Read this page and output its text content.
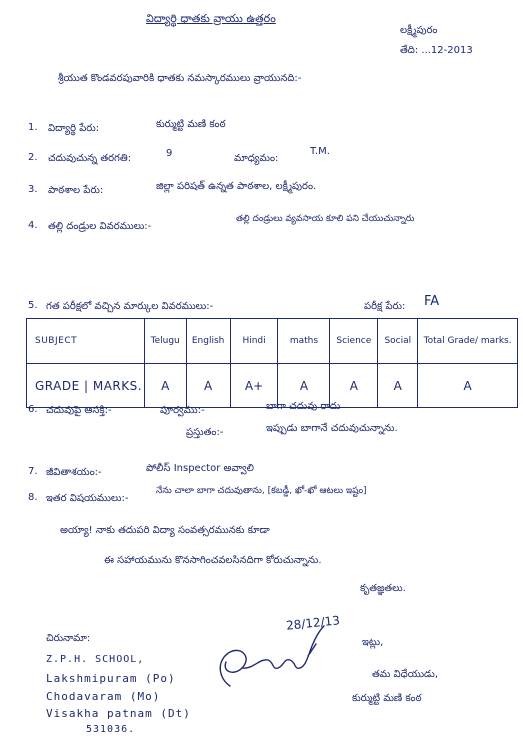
విద్యార్థి ధాతకు వ్రాయు ఉత్తరం
లక్ష్మీపురం
తేది: ...12-2013
శ్రీయుత కొండవరపువారికి ధాతకు నమస్కారములు వ్రాయునది:-
1. విద్యార్థి పేరు:	కుర్ముట్టి మణి కంఠ
2. చదువుచున్న తరగతి:	9	మాధ్యమం:
T.M.
3. పాఠశాల పేరు:	జిల్లా పరిషత్ ఉన్నత పాఠశాల, లక్ష్మీపురం.
4. తల్లి దండ్రుల వివరములు:-
తల్లి దండ్రులు వ్యవసాయ కూలి పని చేయుచున్నారు
5. గత పరీక్షలో వచ్చిన మార్కుల వివరములు:-	పరీక్ష పేరు: FA
SUBJECT	Telugu	English	Hindi	maths	Science	Social	Total Grade/ marks.
GRADE | MARKS.	A	A	A+	A	A	A	A
6. చదువుపై ఆసక్తి:-	పూర్వము:-	బాగా చదువు రాదు
ప్రస్తుతం:-	ఇప్పుడు బాగానే చదువుచున్నాను.
7. జీవితాశయం:-	పోలీస్ Inspector అవ్వాలి
8. ఇతర విషయములు:-
నేను చాలా బాగా చదువుతాను, [కబడ్డీ, ఖో-ఖో ఆటలు ఇష్టం]
అయ్యా! నాకు తదుపరి విద్యా సంవత్సరమునకు కూడా
ఈ సహాయమును కొనసాగించవలసినదిగా కోరుచున్నాను.
కృతజ్ఞతలు.
చిరునామా:
Z.P.H. SCHOOL,
Lakshmipuram (Po)
Chodavaram (Mo)
Visakha patnam (Dt)
531036.
28/12/13
ఇట్లు,
తమ విధేయుడు,
కుర్ముట్టి మణి కంఠ
